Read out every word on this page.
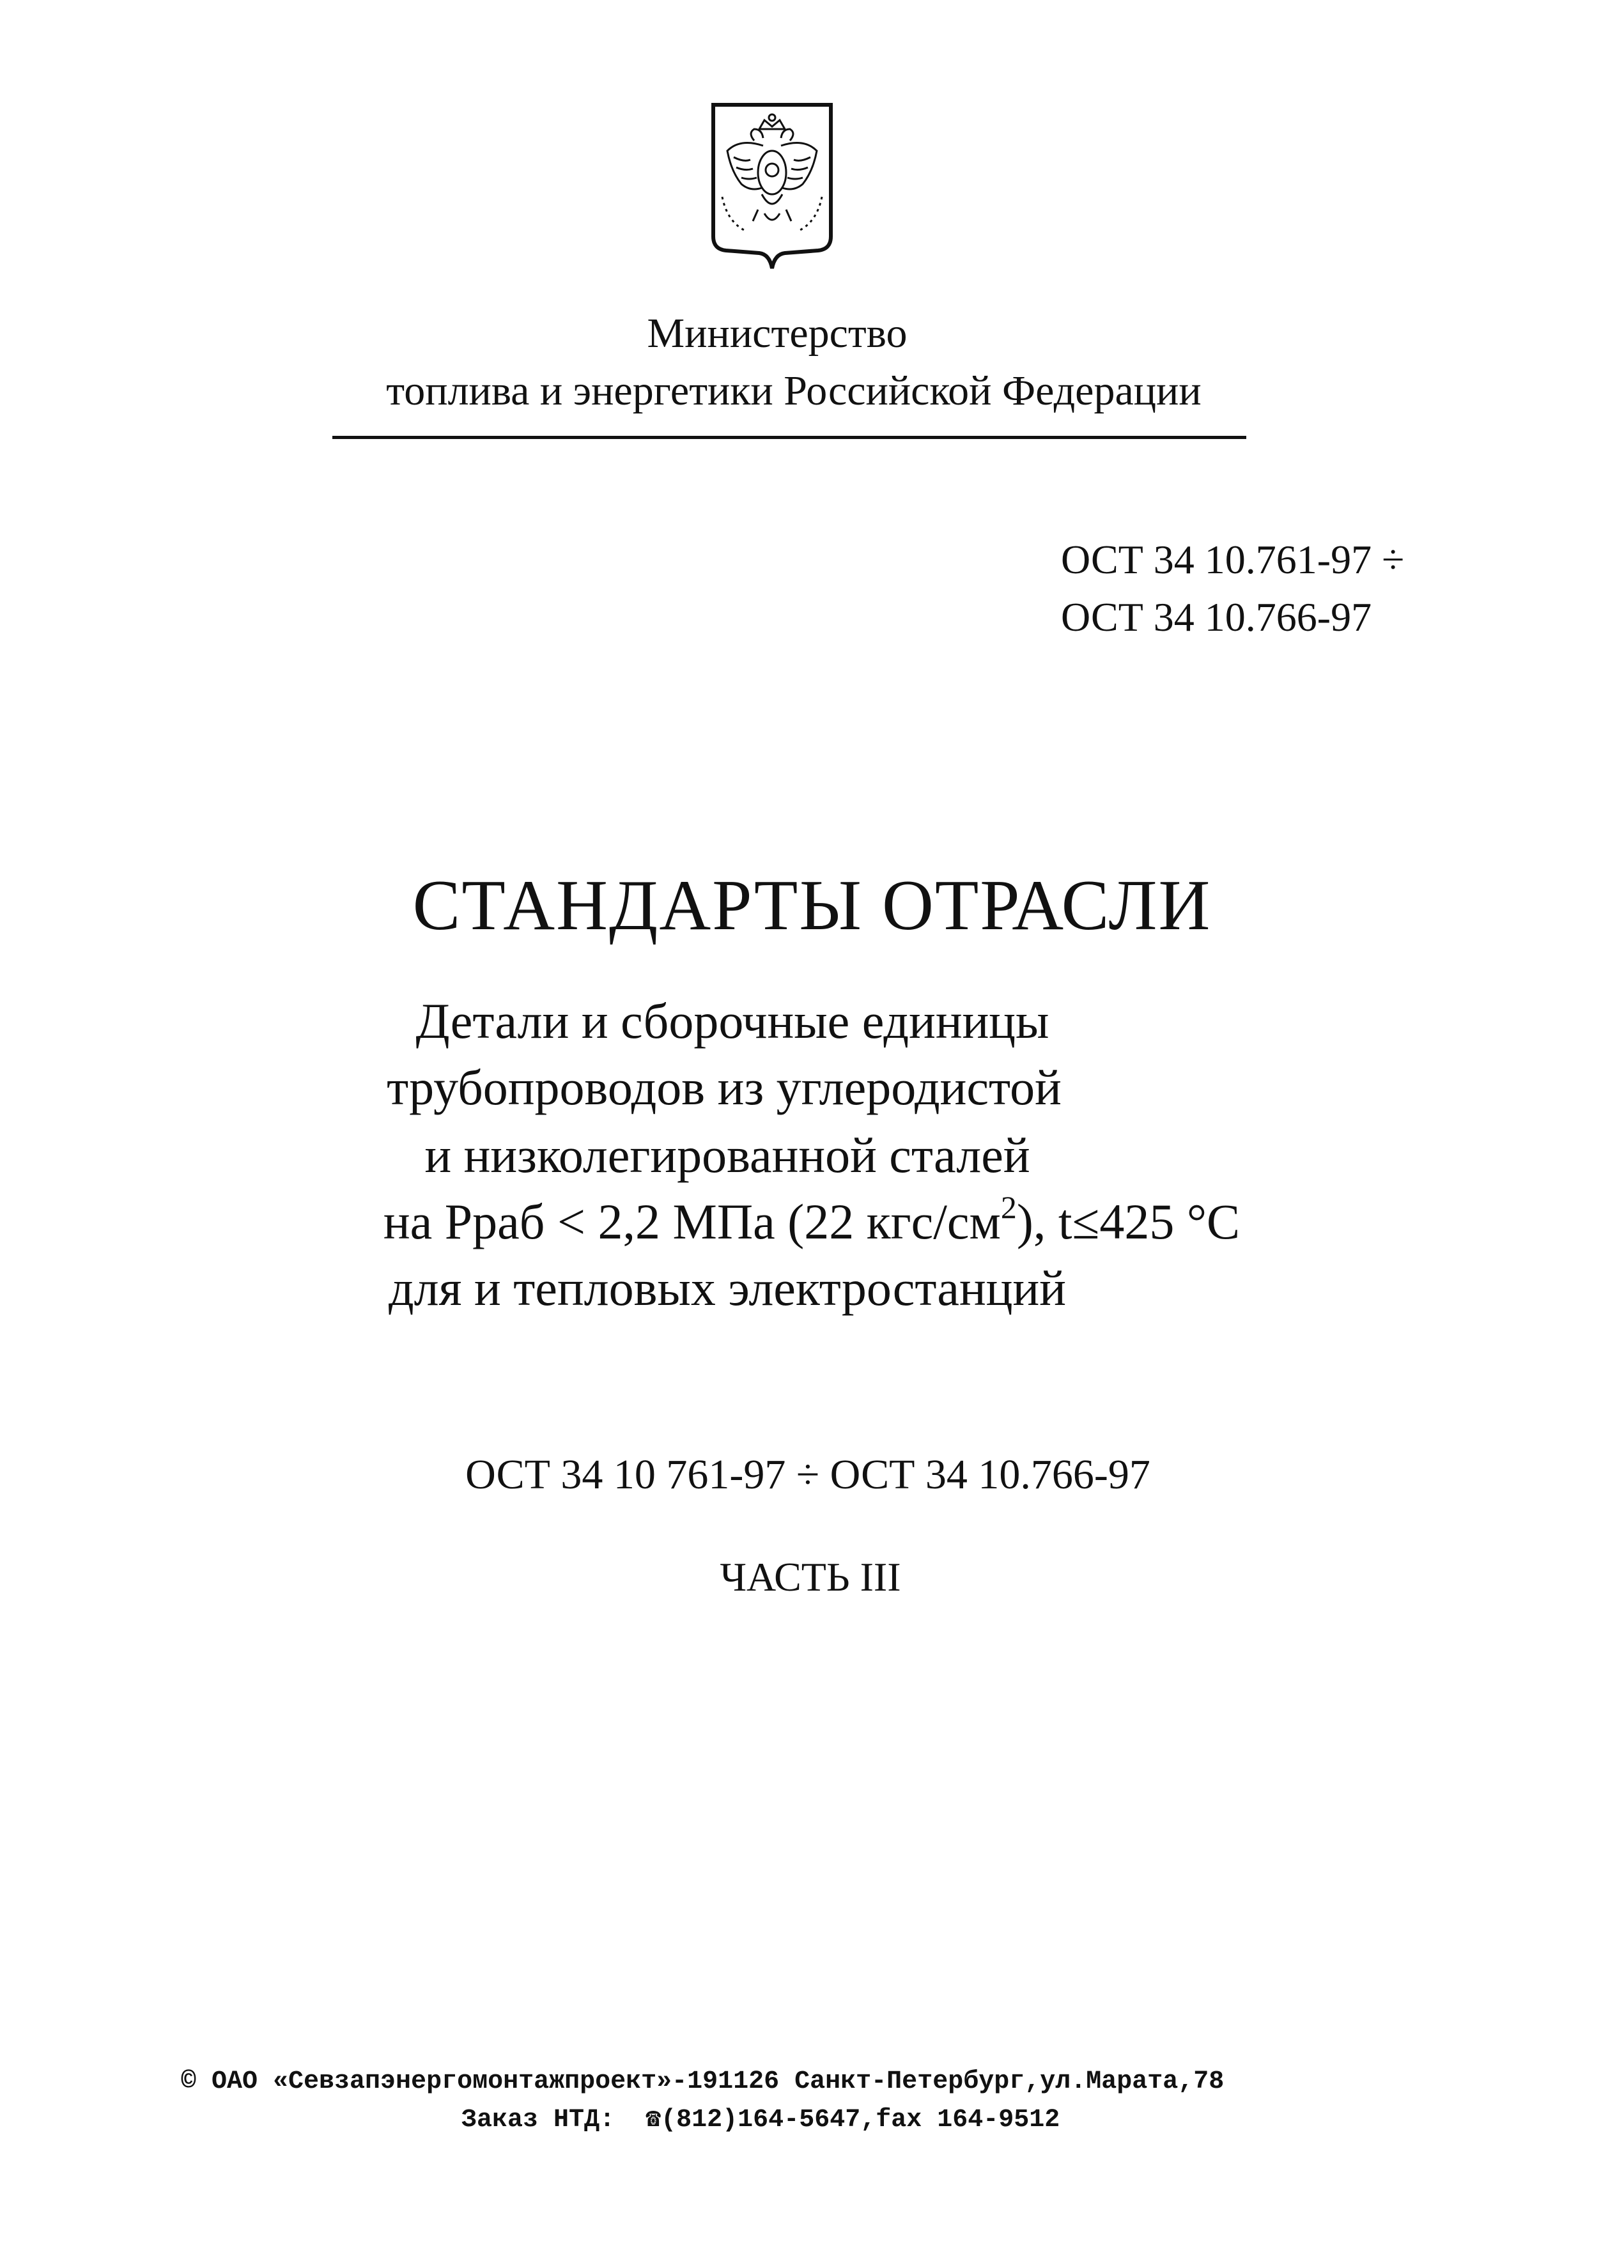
Министерство
топлива и энергетики Российской Федерации
ОСТ 34 10.761-97 ÷
ОСТ 34 10.766-97
СТАНДАРТЫ ОТРАСЛИ
Детали и сборочные единицы
трубопроводов из углеродистой
и низколегированной сталей
на Рраб < 2,2 МПа (22 кгс/$см^2$), t≤425 °С
для и тепловых электростанций
ОСТ 34 10 761-97 ÷ ОСТ 34 10.766-97
ЧАСТЬ III
© ОАО «Севзапэнергомонтажпроект»-191126 Санкт-Петербург,ул.Марата,78
Заказ НТД: ☎(812)164-5647,fax 164-9512
